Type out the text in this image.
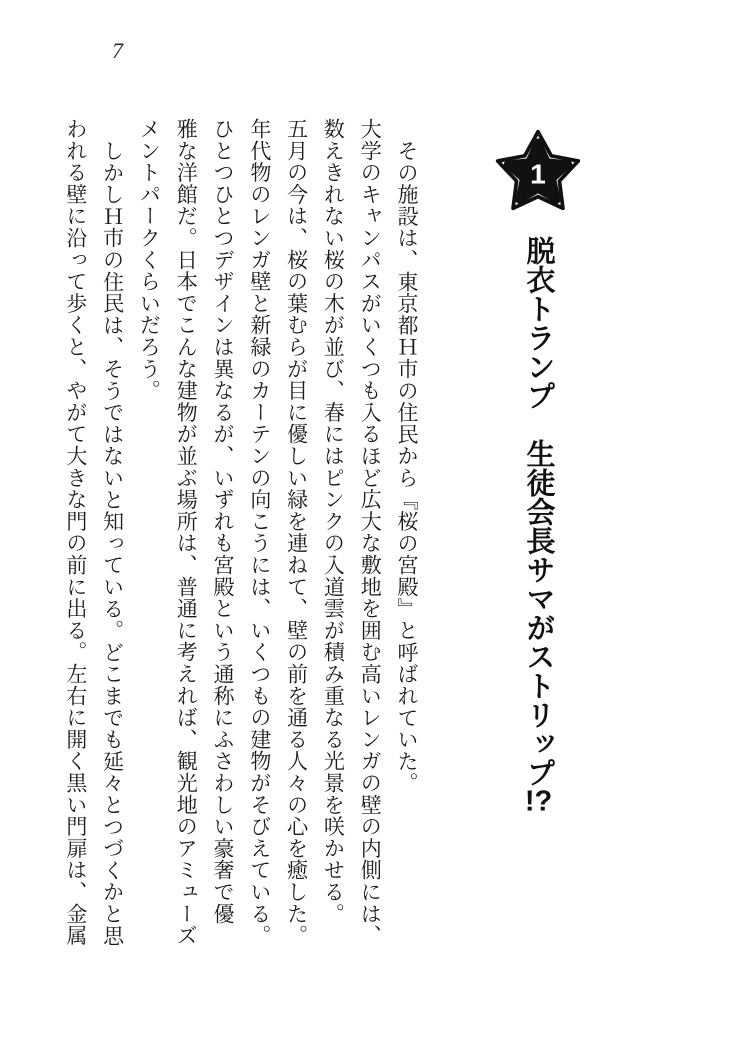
7
1
脱衣トランプ　生徒会長サマがストリップ!?

その施設は、東京都Ｈ市の住民から『桜の宮殿』と呼ばれていた。

大学のキャンパスがいくつも入るほど広大な敷地を囲む高いレンガの壁の内側には、

数えきれない桜の木が並び、春にはピンクの入道雲が積み重なる光景を咲かせる。

五月の今は、桜の葉むらが目に優しい緑を連ねて、壁の前を通る人々の心を癒した。

年代物のレンガ壁と新緑のカーテンの向こうには、いくつもの建物がそびえている。

ひとつひとつデザインは異なるが、いずれも宮殿という通称にふさわしい豪奢で優

雅な洋館だ。日本でこんな建物が並ぶ場所は、普通に考えれば、観光地のアミューズ

メントパークくらいだろう。

しかしＨ市の住民は、そうではないと知っている。どこまでも延々とつづくかと思

われる壁に沿って歩くと、やがて大きな門の前に出る。左右に開く黒い門扉は、金属
